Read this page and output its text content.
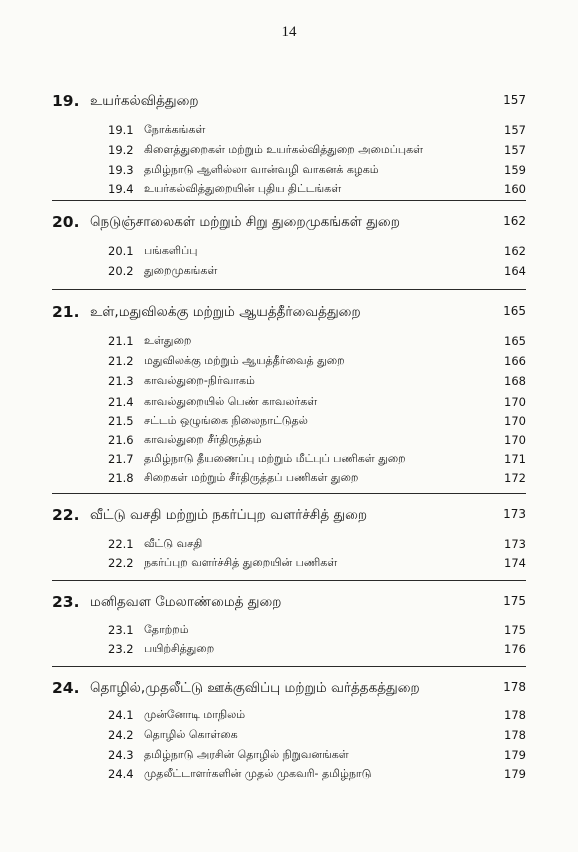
14
19. உயர்கல்வித்துறை	157
19.1 நோக்கங்கள்	157
19.2 கிளைத்துறைகள் மற்றும் உயர்கல்வித்துறை அமைப்புகள்	157
19.3 தமிழ்நாடு ஆளில்லா வான்வழி வாகனக் கழகம்	159
19.4 உயர்கல்வித்துறையின் புதிய திட்டங்கள்	160
20. நெடுஞ்சாலைகள் மற்றும் சிறு துறைமுகங்கள் துறை	162
20.1 பங்களிப்பு	162
20.2 துறைமுகங்கள்	164
21. உள்,மதுவிலக்கு மற்றும் ஆயத்தீர்வைத்துறை	165
21.1 உள்துறை	165
21.2 மதுவிலக்கு மற்றும் ஆயத்தீர்வைத் துறை	166
21.3 காவல்துறை-நிர்வாகம்	168
21.4 காவல்துறையில் பெண் காவலர்கள்	170
21.5 சட்டம் ஒழுங்கை நிலைநாட்டுதல்	170
21.6 காவல்துறை சீர்திருத்தம்	170
21.7 தமிழ்நாடு தீயணைப்பு மற்றும் மீட்புப் பணிகள் துறை	171
21.8 சிறைகள் மற்றும் சீர்திருத்தப் பணிகள் துறை	172
22. வீட்டு வசதி மற்றும் நகர்ப்புற வளர்ச்சித் துறை	173
22.1 வீட்டு வசதி	173
22.2 நகர்ப்புற வளர்ச்சித் துறையின் பணிகள்	174
23. மனிதவள மேலாண்மைத் துறை	175
23.1 தோற்றம்	175
23.2 பயிற்சித்துறை	176
24. தொழில்,முதலீட்டு ஊக்குவிப்பு மற்றும் வர்த்தகத்துறை	178
24.1 முன்னோடி மாநிலம்	178
24.2 தொழில் கொள்கை	178
24.3 தமிழ்நாடு அரசின் தொழில் நிறுவனங்கள்	179
24.4 முதலீட்டாளர்களின் முதல் முகவரி- தமிழ்நாடு	179
